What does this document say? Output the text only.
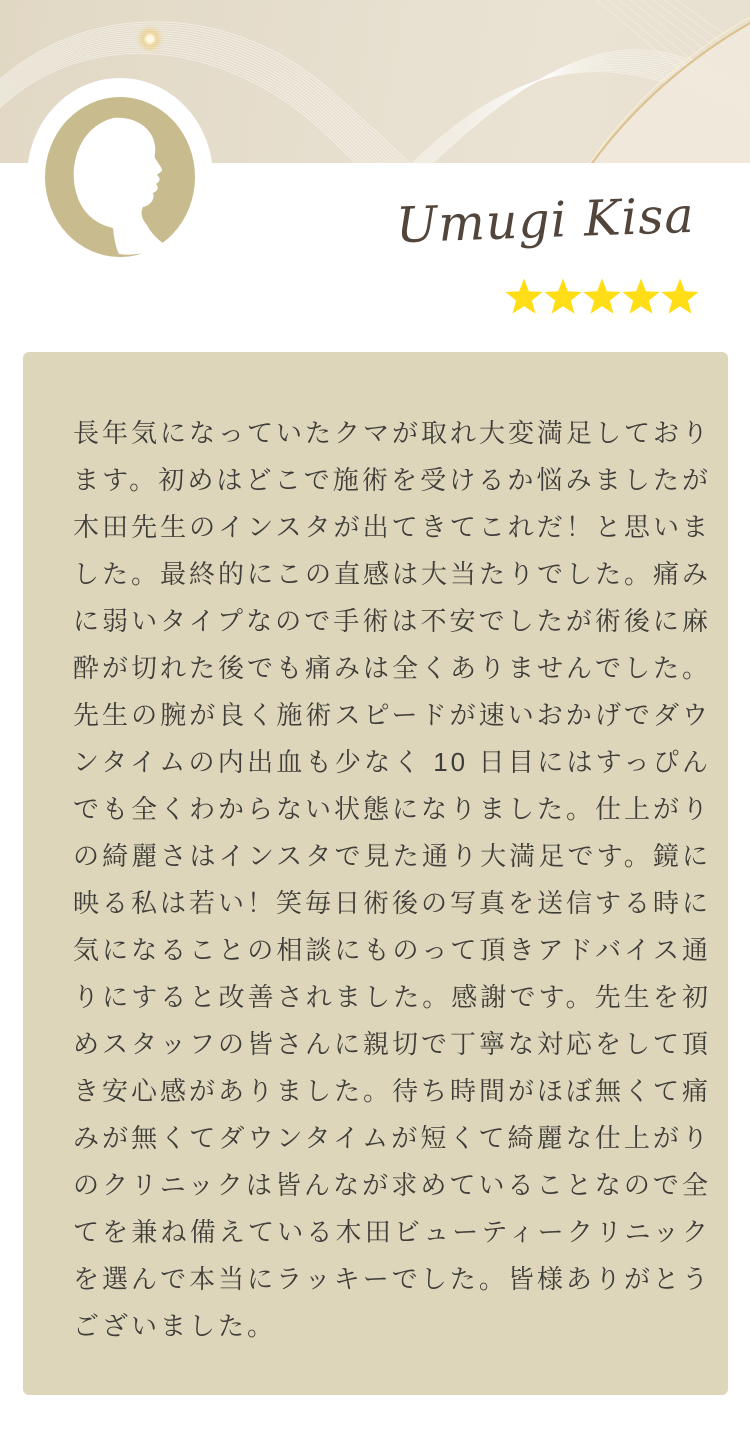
Umugi Kisa

長年気になっていたクマが取れ大変満足しております。初めはどこで施術を受けるか悩みましたが木田先生のインスタが出てきてこれだ！と思いました。最終的にこの直感は大当たりでした。痛みに弱いタイプなので手術は不安でしたが術後に麻酔が切れた後でも痛みは全くありませんでした。先生の腕が良く施術スピードが速いおかげでダウンタイムの内出血も少なく 10 日目にはすっぴんでも全くわからない状態になりました。仕上がりの綺麗さはインスタで見た通り大満足です。鏡に映る私は若い！笑毎日術後の写真を送信する時に気になることの相談にものって頂きアドバイス通りにすると改善されました。感謝です。先生を初めスタッフの皆さんに親切で丁寧な対応をして頂き安心感がありました。待ち時間がほぼ無くて痛みが無くてダウンタイムが短くて綺麗な仕上がりのクリニックは皆んなが求めていることなので全てを兼ね備えている木田ビューティークリニックを選んで本当にラッキーでした。皆様ありがとうございました。
